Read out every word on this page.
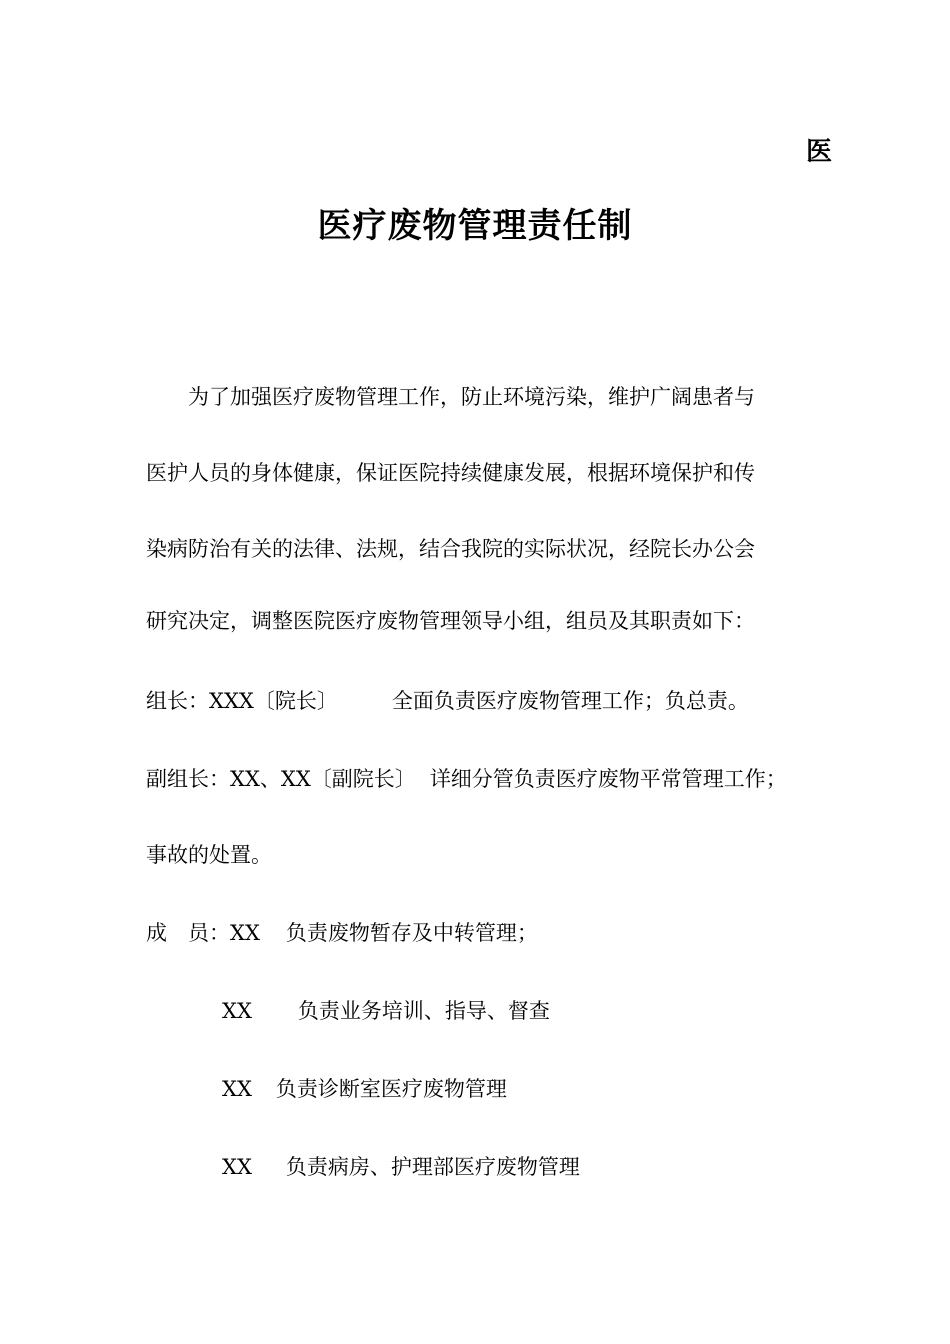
医
医疗废物管理责任制
为了加强医疗废物管理工作，防止环境污染，维护广阔患者与
医护人员的身体健康，保证医院持续健康发展，根据环境保护和传
染病防治有关的法律、法规，结合我院的实际状况，经院长办公会
研究决定，调整医院医疗废物管理领导小组，组员及其职责如下：
组长：XXX〔院长〕	全面负责医疗废物管理工作；负总责。
副组长：XX、XX〔副院长〕 详细分管负责医疗废物平常管理工作；
事故的处置。
成　员：XX 负责废物暂存及中转管理；
XX 负责业务培训、指导、督查
XX 负责诊断室医疗废物管理
XX 负责病房、护理部医疗废物管理
